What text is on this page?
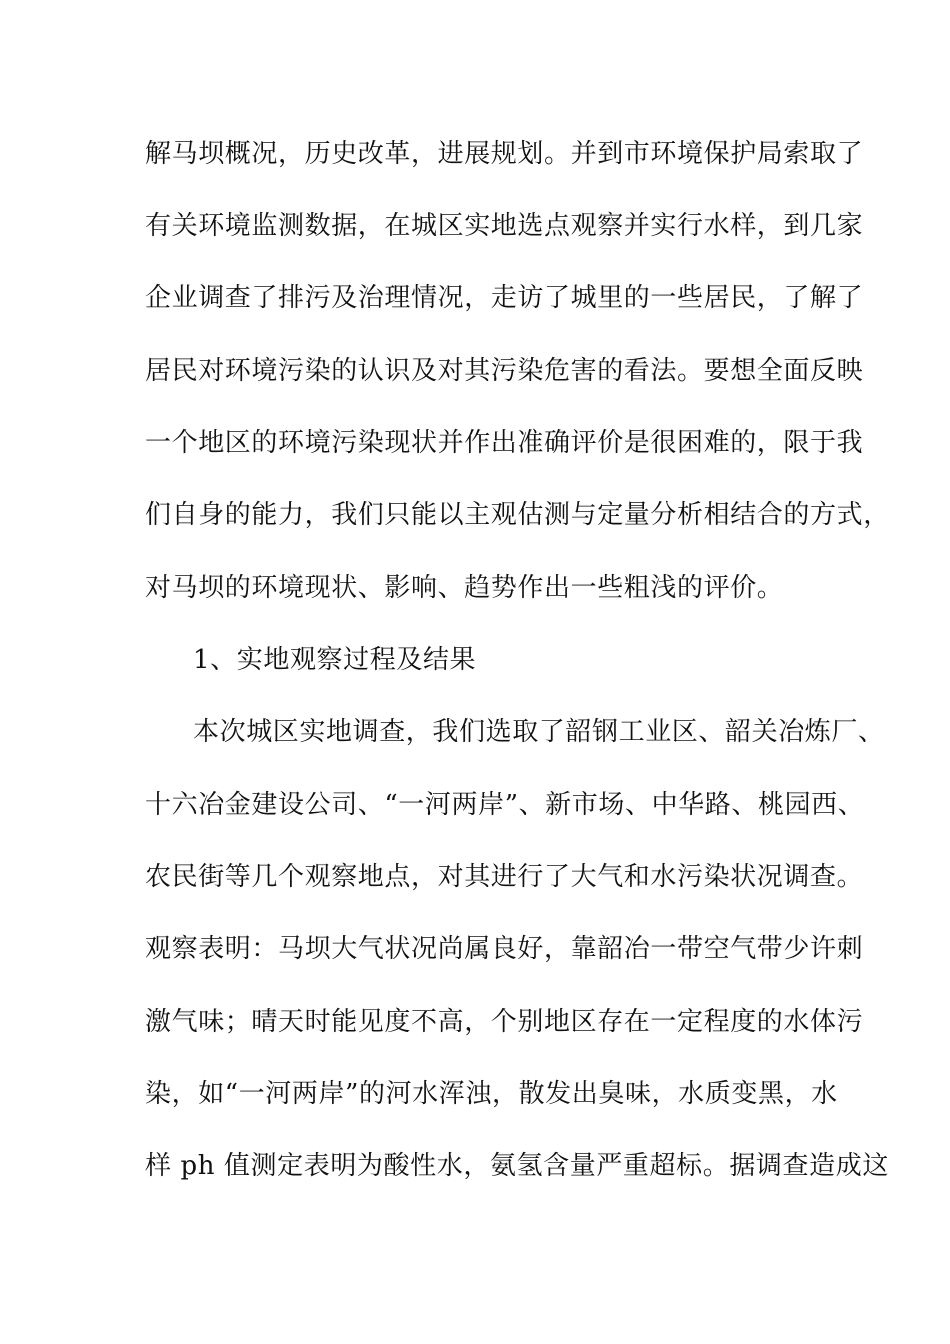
解马坝概况，历史改革，进展规划。并到市环境保护局索取了
有关环境监测数据，在城区实地选点观察并实行水样，到几家
企业调查了排污及治理情况，走访了城里的一些居民，了解了
居民对环境污染的认识及对其污染危害的看法。要想全面反映
一个地区的环境污染现状并作出准确评价是很困难的，限于我
们自身的能力，我们只能以主观估测与定量分析相结合的方式，
对马坝的环境现状、影响、趋势作出一些粗浅的评价。
1、实地观察过程及结果
本次城区实地调查，我们选取了韶钢工业区、韶关冶炼厂、
十六冶金建设公司、“一河两岸”、新市场、中华路、桃园西、
农民街等几个观察地点，对其进行了大气和水污染状况调查。
观察表明：马坝大气状况尚属良好，靠韶冶一带空气带少许刺
激气味；晴天时能见度不高，个别地区存在一定程度的水体污
染，如“一河两岸”的河水浑浊，散发出臭味，水质变黑，水
样 ph 值测定表明为酸性水，氨氢含量严重超标。据调查造成这
